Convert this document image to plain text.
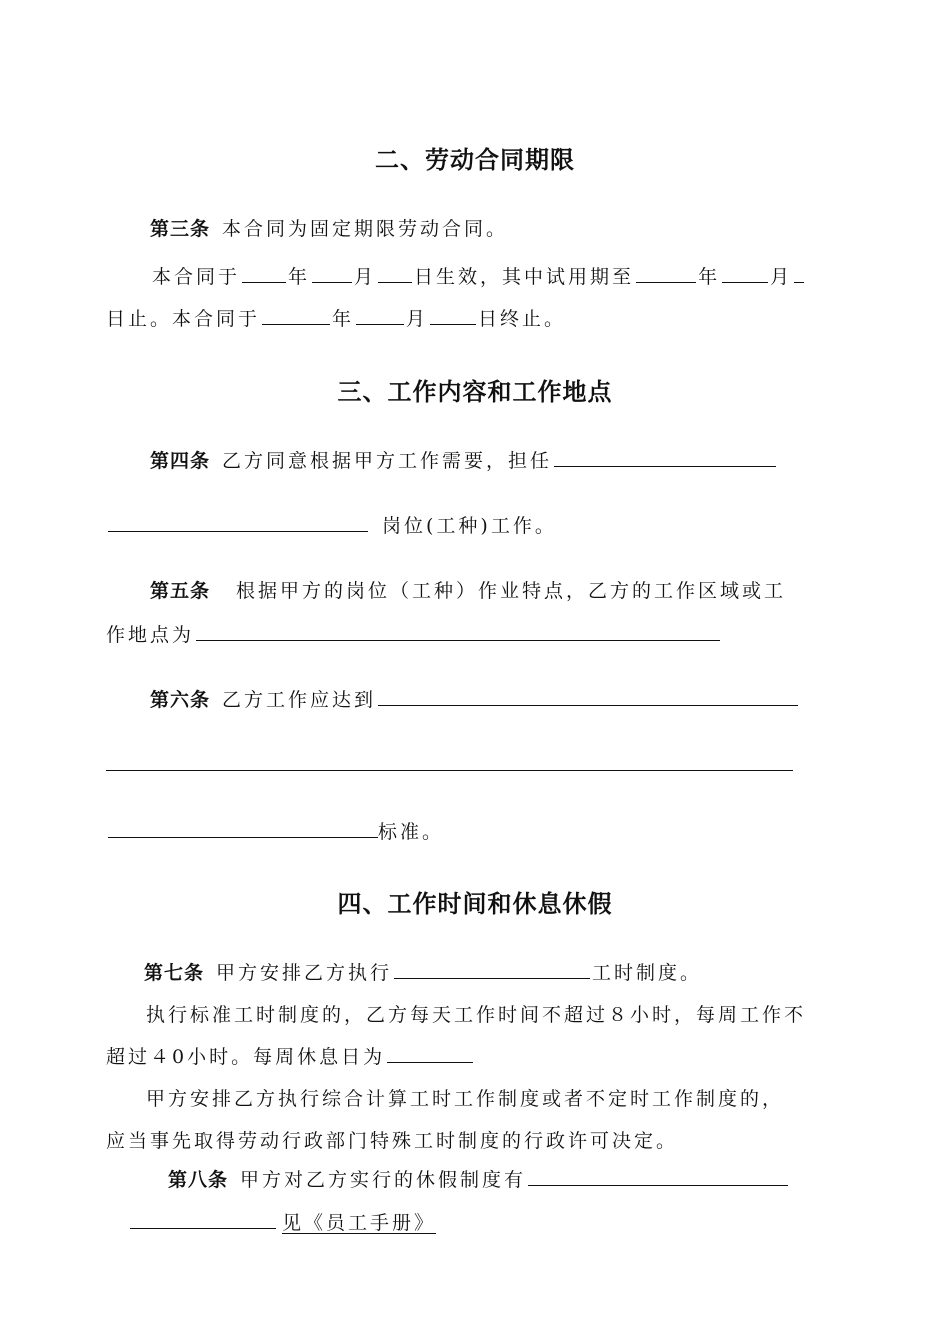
二、劳动合同期限
第三条 本合同为固定期限劳动合同。
本合同于	年 月 日生效，其中试用期至	年	月
日止。本合同于	年	月	日终止。
三、工作内容和工作地点
第四条 乙方同意根据甲方工作需要，担任
岗位(工种)工作。
第五条 根据甲方的岗位（工种）作业特点，乙方的工作区域或工
作地点为
第六条 乙方工作应达到
标准。
四、工作时间和休息休假
第七条 甲方安排乙方执行	工时制度。
执行标准工时制度的，乙方每天工作时间不超过８小时，每周工作不
超过４0小时。每周休息日为
甲方安排乙方执行综合计算工时工作制度或者不定时工作制度的，
应当事先取得劳动行政部门特殊工时制度的行政许可决定。
第八条 甲方对乙方实行的休假制度有
见《员工手册》
